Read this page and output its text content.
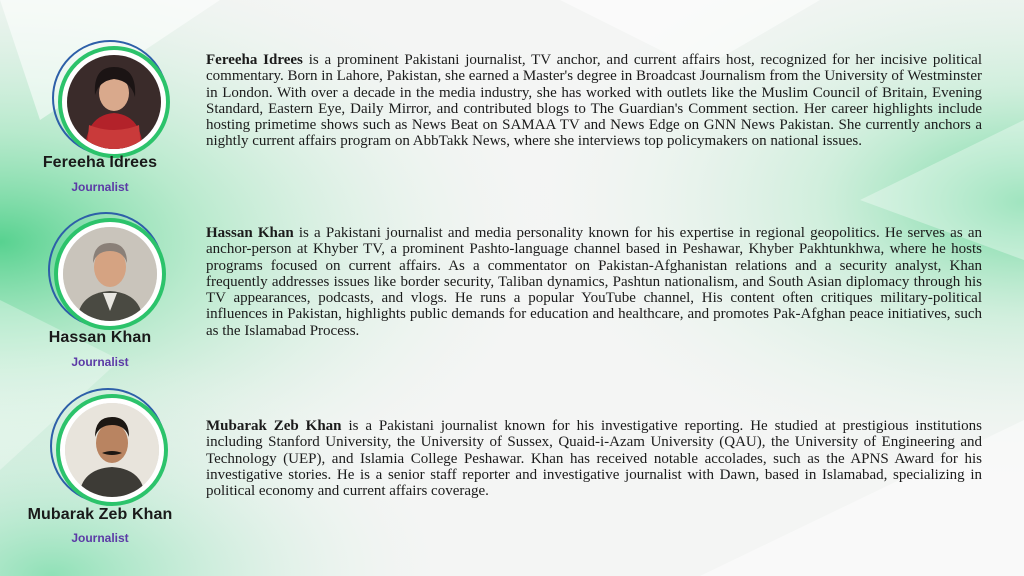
Fereeha Idrees
Journalist
Hassan Khan
Journalist
Mubarak Zeb Khan
Journalist

Fereeha Idrees is a prominent Pakistani journalist, TV anchor, and current affairs host, recognized for her incisive political commentary. Born in Lahore, Pakistan, she earned a Master's degree in Broadcast Journalism from the University of Westminster in London. With over a decade in the media industry, she has worked with outlets like the Muslim Council of Britain, Evening Standard, Eastern Eye, Daily Mirror, and contributed blogs to The Guardian's Comment section. Her career highlights include hosting primetime shows such as News Beat on SAMAA TV and News Edge on GNN News Pakistan. She currently anchors a nightly current affairs program on AbbTakk News, where she interviews top policymakers on national issues.

Hassan Khan is a Pakistani journalist and media personality known for his expertise in regional geopolitics. He serves as an anchor-person at Khyber TV, a prominent Pashto-language channel based in Peshawar, Khyber Pakhtunkhwa, where he hosts programs focused on current affairs. As a commentator on Pakistan-Afghanistan relations and a security analyst, Khan frequently addresses issues like border security, Taliban dynamics, Pashtun nationalism, and South Asian diplomacy through his TV appearances, podcasts, and vlogs. He runs a popular YouTube channel, His content often critiques military-political influences in Pakistan, highlights public demands for education and healthcare, and promotes Pak-Afghan peace initiatives, such as the Islamabad Process.

Mubarak Zeb Khan is a Pakistani journalist known for his investigative reporting. He studied at prestigious institutions including Stanford University, the University of Sussex, Quaid-i-Azam University (QAU), the University of Engineering and Technology (UEP), and Islamia College Peshawar. Khan has received notable accolades, such as the APNS Award for his investigative stories. He is a senior staff reporter and investigative journalist with Dawn, based in Islamabad, specializing in political economy and current affairs coverage.
